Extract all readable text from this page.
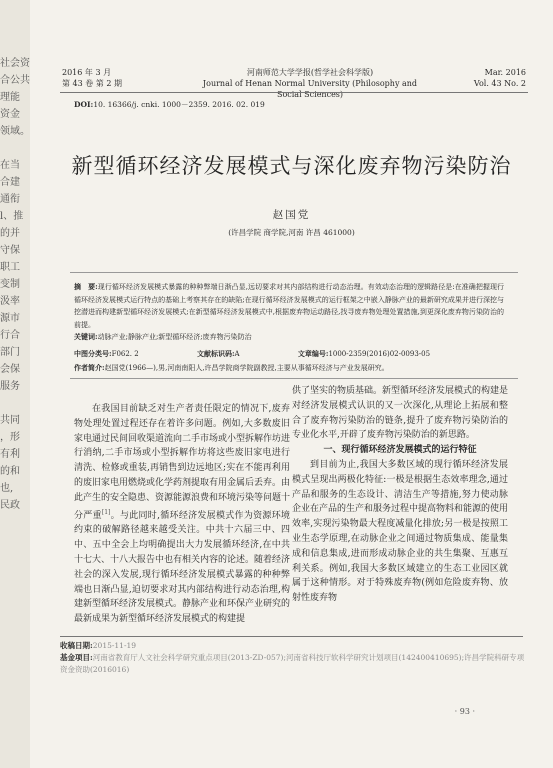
社会资
合公共
理能
资金
领域。
在当
合建
通衔
l、推
的并
守保
职工
变制
汲率
源市
行合
部门
会保
服务
共同
，形
有利
的和
也,
民政
2016 年 3 月
第 43 卷 第 2 期
河南师范大学学报(哲学社会科学版)
Journal of Henan Normal University (Philosophy and Social Sciences)
Mar. 2016
Vol. 43 No. 2
DOI:10. 16366/j. cnki. 1000－2359. 2016. 02. 019
新型循环经济发展模式与深化废弃物污染防治
赵国党
(许昌学院 商学院,河南 许昌 461000)
摘　要:现行循环经济发展模式暴露的种种弊端日渐凸显,远切要求对其内部结构进行动态治理。有效动态治理的逻辑路径是:在准确把握现行循环经济发展模式运行特点的基础上考察其存在的缺陷;在现行循环经济发展模式的运行框架之中嵌入静脉产业的最新研究成果并进行深挖与挖潜进而构建新型循环经济发展模式;在新型循环经济发展模式中,根据废弃物运动路径,找寻废弃物处理处置措施,到更深化废弃物污染防治的前提。
关键词:动脉产业;静脉产业;新型循环经济;废弃物污染防治
中图分类号:F062. 2	文献标识码:A	文章编号:1000-2359(2016)02-0093-05
作者简介:赵国党(1966—),男,河南南阳人,许昌学院商学院副教授,主要从事循环经济与产业发展研究。

在我国目前缺乏对生产者责任限定的情况下,废弃物处理处置过程还存在着许多问题。例如,大多数废旧家电通过民间回收渠道流向二手市场或小型拆解作坊进行消纳,二手市场或小型拆解作坊将这些废旧家电进行清洗、检修或重装,再销售到边远地区;实在不能再利用的废旧家电用燃烧或化学药剂提取有用金属后丢弃。由此产生的安全隐患、资源能源浪费和环境污染等问题十分严重[1]。与此同时,循环经济发展模式作为资源环境约束的破解路径越来越受关注。中共十六届三中、四中、五中全会上均明确提出大力发展循环经济,在中共十七大、十八大报告中也有相关内容的论述。随着经济社会的深入发展,现行循环经济发展模式暴露的种种弊端也日渐凸显,迫切要求对其内部结构进行动态治理,构建新型循环经济发展模式。静脉产业和环保产业研究的最新成果为新型循环经济发展模式的构建提

供了坚实的物质基础。新型循环经济发展模式的构建是对经济发展模式认识的又一次深化,从理论上拓展和整合了废弃物污染防治的链条,提升了废弃物污染防治的专业化水平,开辟了废弃物污染防治的新思路。

一、现行循环经济发展模式的运行特征

到目前为止,我国大多数区域的现行循环经济发展模式呈现出两极化特征:一极是根据生态效率理念,通过产品和服务的生态设计、清洁生产等措施,努力使动脉企业在产品的生产和服务过程中提高物料和能源的使用效率,实现污染物最大程度减量化排放;另一极是按照工业生态学原理,在动脉企业之间通过物质集成、能量集成和信息集成,进而形成动脉企业的共生集聚、互惠互利关系。例如,我国大多数区域建立的生态工业园区就属于这种情形。对于特殊废弃物(例如危险废弃物、放射性废弃物

收稿日期:2015-11-19
基金项目:河南省教育厅人文社会科学研究重点项目(2013-ZD-057);河南省科技厅软科学研究计划项目(142400410695);许昌学院科研专项资金资助(2016016)
· 93 ·
